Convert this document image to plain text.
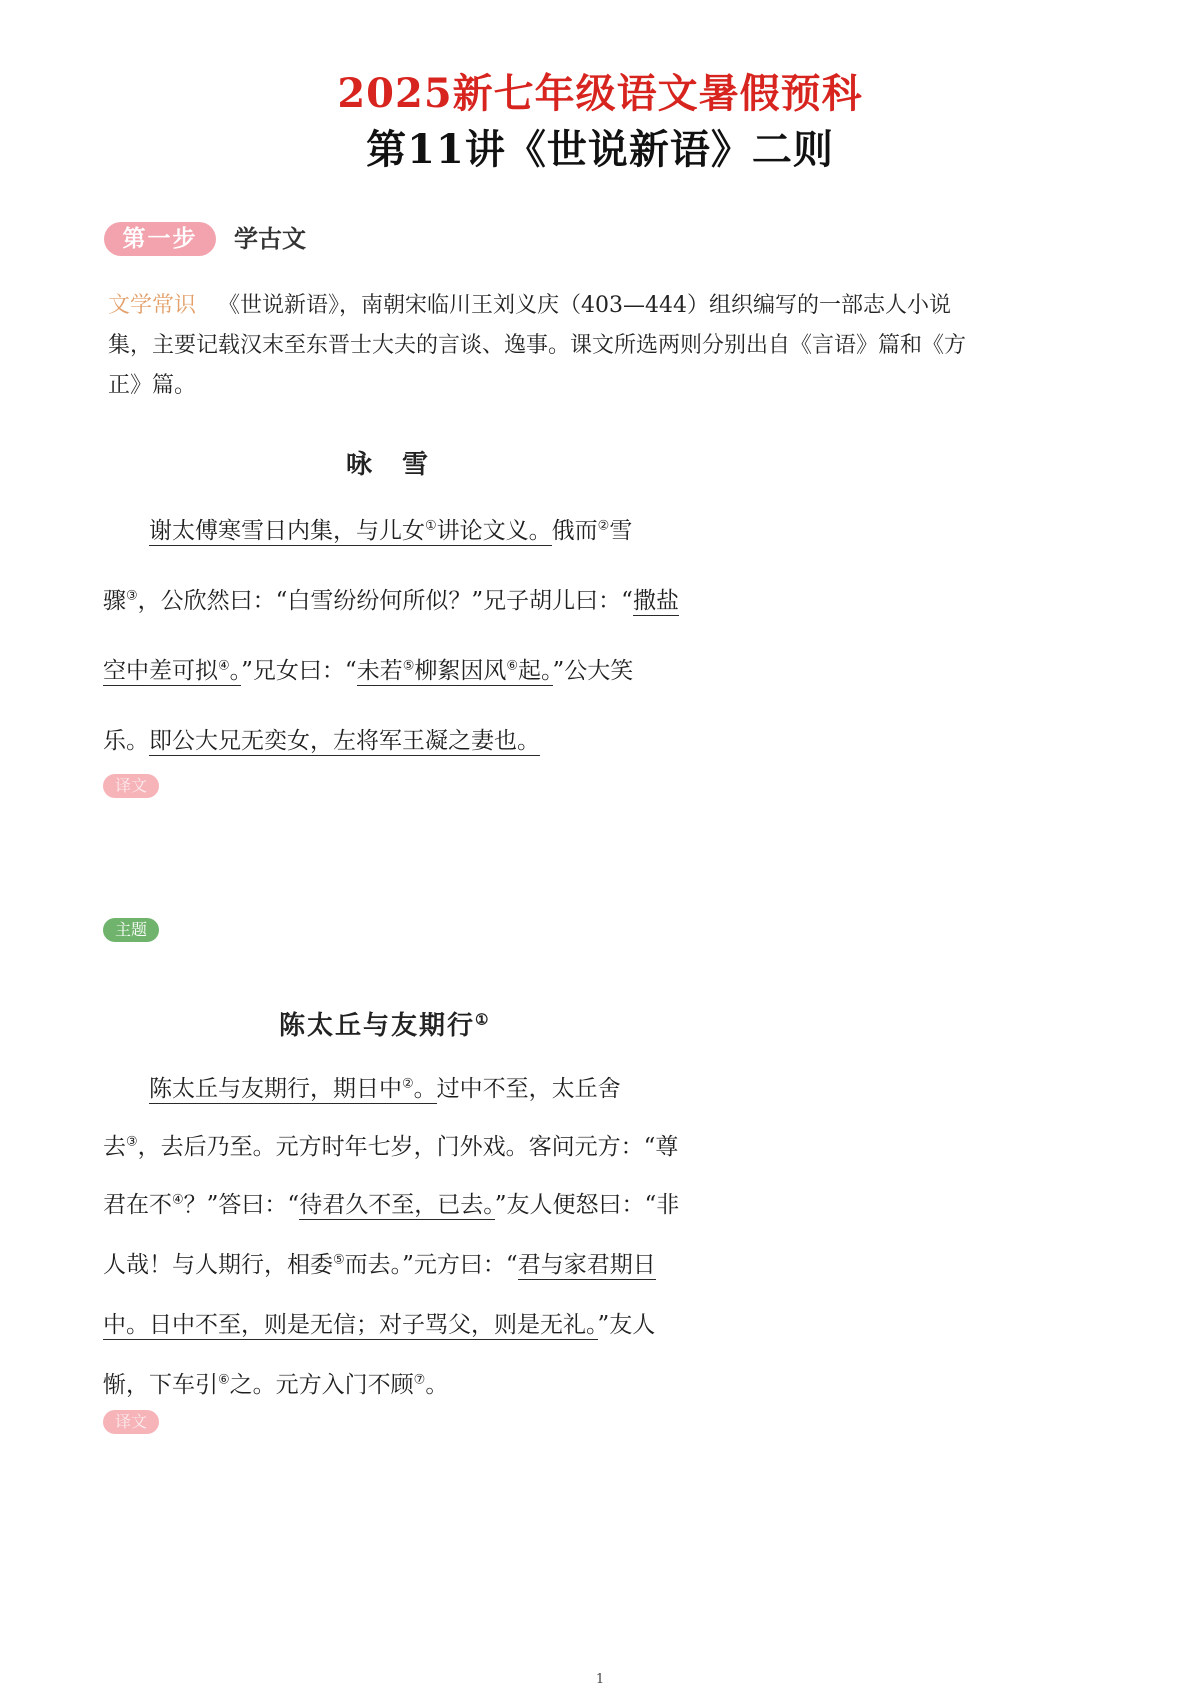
2025新七年级语文暑假预科
第11讲《世说新语》二则
第一步	学古文
文学常识 《世说新语》，南朝宋临川王刘义庆（403—444）组织编写的一部志人小说集，主要记载汉末至东晋士大夫的言谈、逸事。课文所选两则分别出自《言语》篇和《方正》篇。
咏　雪
谢太傅寒雪日内集，与儿女①讲论文义。俄而②雪
骤③，公欣然曰：“白雪纷纷何所似？”兄子胡儿曰：“撒盐
空中差可拟④。”兄女曰：“未若⑤柳絮因风⑥起。”公大笑
乐。即公大兄无奕女，左将军王凝之妻也。
译文
主题
陈太丘与友期行①
陈太丘与友期行，期日中②。过中不至，太丘舍
去③，去后乃至。元方时年七岁，门外戏。客问元方：“尊
君在不④？”答曰：“待君久不至，已去。”友人便怒曰：“非
人哉！与人期行，相委⑤而去。”元方曰：“君与家君期日
中。日中不至，则是无信；对子骂父，则是无礼。”友人
惭，下车引⑥之。元方入门不顾⑦。
译文
1
